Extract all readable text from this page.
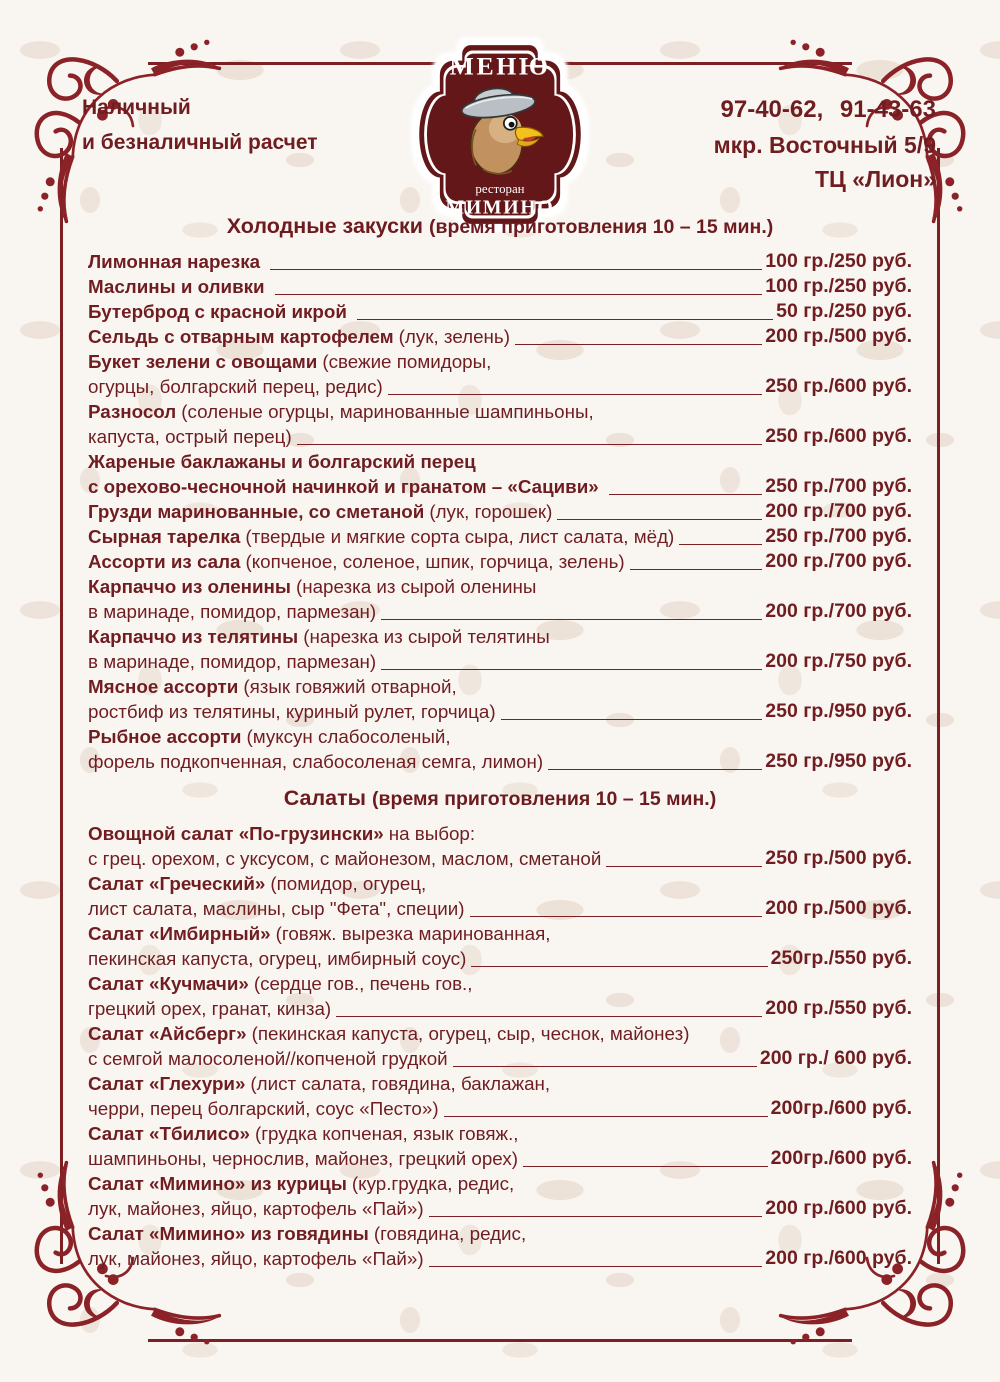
Наличный
и безналичный расчет
97-40-62, 91-43-63
мкр. Восточный 5/9
ТЦ «Лион»
МЕНЮ
ресторан
МИМИНО
Холодные закуски (время приготовления 10 – 15 мин.)
Лимонная нарезка	100 гр./250 руб.
Маслины и оливки	100 гр./250 руб.
Бутерброд с красной икрой	50 гр./250 руб.
Сельдь с отварным картофелем (лук, зелень)	200 гр./500 руб.
Букет зелени с овощами (свежие помидоры,
огурцы, болгарский перец, редис)	250 гр./600 руб.
Разносол (соленые огурцы, маринованные шампиньоны,
капуста, острый перец)	250 гр./600 руб.
Жареные баклажаны и болгарский перец
с орехово-чесночной начинкой и гранатом – «Сациви»	250 гр./700 руб.
Грузди маринованные, со сметаной (лук, горошек)	200 гр./700 руб.
Сырная тарелка (твердые и мягкие сорта сыра, лист салата, мёд)	250 гр./700 руб.
Ассорти из сала (копченое, соленое, шпик, горчица, зелень)	200 гр./700 руб.
Карпаччо из оленины (нарезка из сырой оленины
в маринаде, помидор, пармезан)	200 гр./700 руб.
Карпаччо из телятины (нарезка из сырой телятины
в маринаде, помидор, пармезан)	200 гр./750 руб.
Мясное ассорти (язык говяжий отварной,
ростбиф из телятины, куриный рулет, горчица)	250 гр./950 руб.
Рыбное ассорти (муксун слабосоленый,
форель подкопченная, слабосоленая семга, лимон)	250 гр./950 руб.
Салаты (время приготовления 10 – 15 мин.)
Овощной салат «По-грузински» на выбор:
с грец. орехом, с уксусом, с майонезом, маслом, сметаной	250 гр./500 руб.
Салат «Греческий» (помидор, огурец,
лист салата, маслины, сыр "Фета", специи)	200 гр./500 руб.
Салат «Имбирный» (говяж. вырезка маринованная,
пекинская капуста, огурец, имбирный соус)	250гр./550 руб.
Салат «Кучмачи» (сердце гов., печень гов.,
грецкий орех, гранат, кинза)	200 гр./550 руб.
Салат «Айсберг» (пекинская капуста, огурец, сыр, чеснок, майонез)
с семгой малосоленой//копченой грудкой	200 гр./ 600 руб.
Салат «Глехури» (лист салата, говядина, баклажан,
черри, перец болгарский, соус «Песто»)	200гр./600 руб.
Салат «Тбилисо» (грудка копченая, язык говяж.,
шампиньоны, чернослив, майонез, грецкий орех)	200гр./600 руб.
Салат «Мимино» из курицы (кур.грудка, редис,
лук, майонез, яйцо, картофель «Пай»)	200 гр./600 руб.
Салат «Мимино» из говядины (говядина, редис,
лук, майонез, яйцо, картофель «Пай»)	200 гр./600 руб.
